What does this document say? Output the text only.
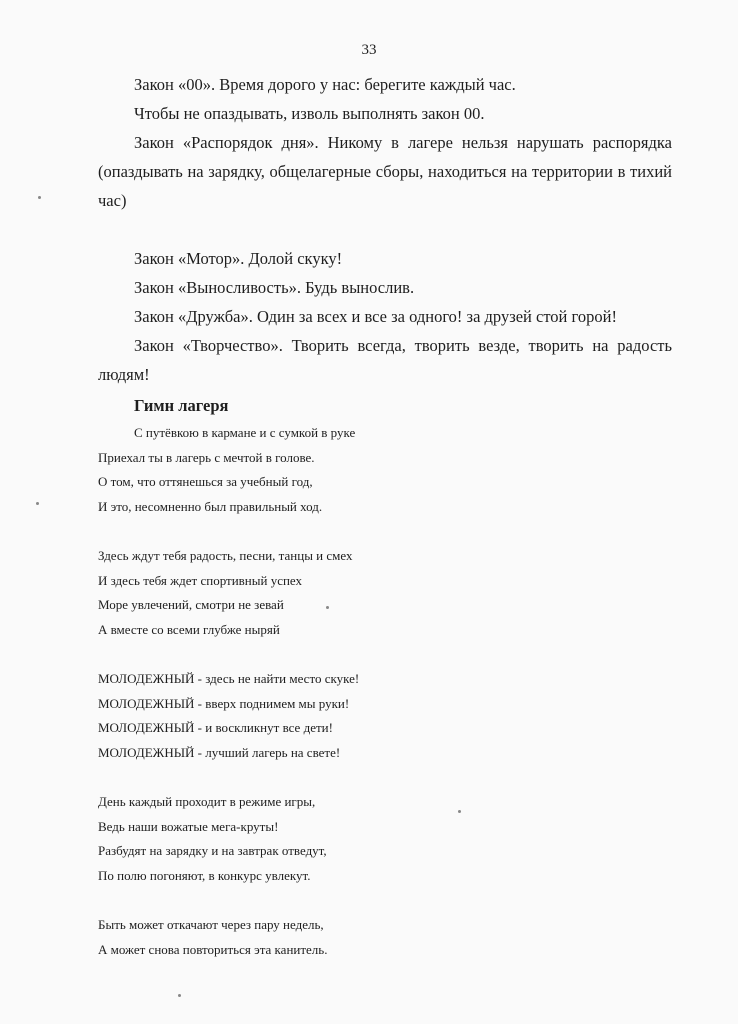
33

Закон «00». Время дорого у нас: берегите каждый час.

Чтобы не опаздывать, изволь выполнять закон 00.

Закон «Распорядок дня». Никому в лагере нельзя нарушать распорядка (опаздывать на зарядку, общелагерные сборы, находиться на территории в тихий час)

Закон «Мотор». Долой скуку!

Закон «Выносливость». Будь вынослив.

Закон «Дружба». Один за всех и все за одного! за друзей стой горой!

Закон «Творчество». Творить всегда, творить везде, творить на радость людям!

Гимн лагеря
С путёвкою в кармане и с сумкой в руке
Приехал ты в лагерь с мечтой в голове.
О том, что оттянешься за учебный год,
И это, несомненно был правильный ход.
Здесь ждут тебя радость, песни, танцы и смех
И здесь тебя ждет спортивный успех
Море увлечений, смотри не зевай
А вместе со всеми глубже ныряй
МОЛОДЕЖНЫЙ - здесь не найти место скуке!
МОЛОДЕЖНЫЙ - вверх поднимем мы руки!
МОЛОДЕЖНЫЙ - и воскликнут все дети!
МОЛОДЕЖНЫЙ - лучший лагерь на свете!
День каждый проходит в режиме игры,
Ведь наши вожатые мега-круты!
Разбудят на зарядку и на завтрак отведут,
По полю погоняют, в конкурс увлекут.
Быть может откачают через пару недель,
А может снова повториться эта канитель.
